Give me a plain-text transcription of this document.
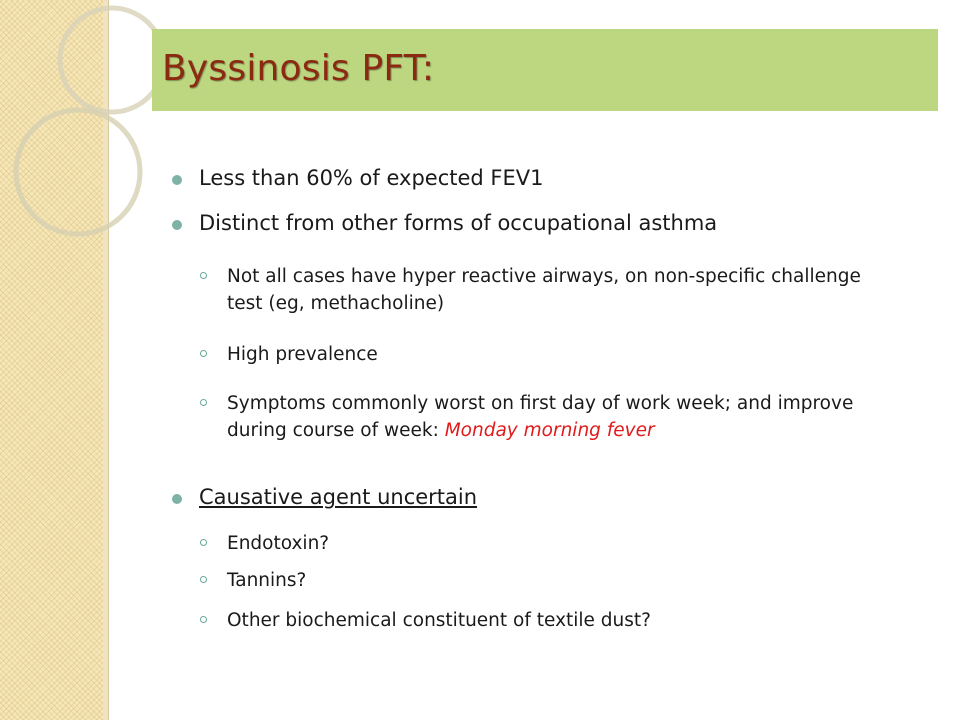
Byssinosis PFT:
Less than 60% of expected FEV1
Distinct from other forms of occupational asthma
Not all cases have hyper reactive airways, on non-specific challenge test (eg, methacholine)
High prevalence
Symptoms commonly worst on first day of work week; and improve during course of week: Monday morning fever
Causative agent uncertain
Endotoxin?
Tannins?
Other biochemical constituent of textile dust?
